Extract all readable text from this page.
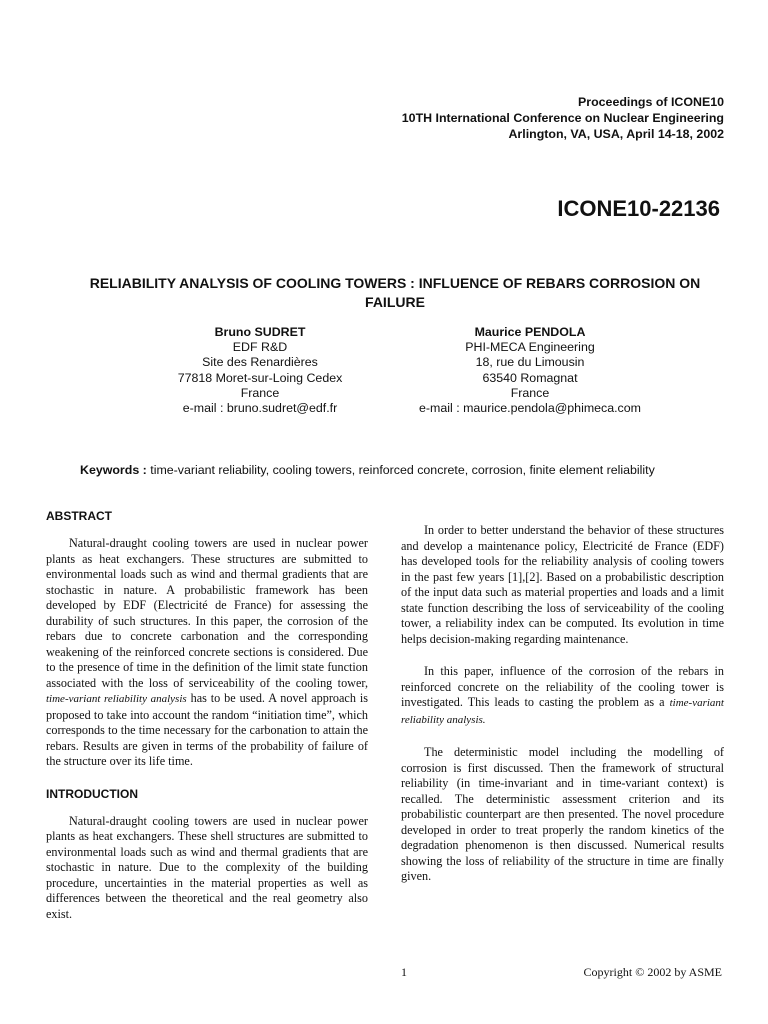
Proceedings of ICONE10
10TH International Conference on Nuclear Engineering
Arlington, VA, USA, April 14-18, 2002
ICONE10-22136
RELIABILITY ANALYSIS OF COOLING TOWERS : INFLUENCE OF REBARS CORROSION ON FAILURE
Bruno SUDRET
EDF R&D
Site des Renardières
77818 Moret-sur-Loing Cedex
France
e-mail : bruno.sudret@edf.fr
Maurice PENDOLA
PHI-MECA Engineering
18, rue du Limousin
63540 Romagnat
France
e-mail : maurice.pendola@phimeca.com
Keywords : time-variant reliability, cooling towers, reinforced concrete, corrosion, finite element reliability
ABSTRACT

Natural-draught cooling towers are used in nuclear power plants as heat exchangers. These structures are submitted to environmental loads such as wind and thermal gradients that are stochastic in nature. A probabilistic framework has been developed by EDF (Electricité de France) for assessing the durability of such structures. In this paper, the corrosion of the rebars due to concrete carbonation and the corresponding weakening of the reinforced concrete sections is considered. Due to the presence of time in the definition of the limit state function associated with the loss of serviceability of the cooling tower, time-variant reliability analysis has to be used. A novel approach is proposed to take into account the random “initiation time”, which corresponds to the time necessary for the carbonation to attain the rebars. Results are given in terms of the probability of failure of the structure over its life time.

INTRODUCTION

Natural-draught cooling towers are used in nuclear power plants as heat exchangers. These shell structures are submitted to environmental loads such as wind and thermal gradients that are stochastic in nature. Due to the complexity of the building procedure, uncertainties in the material properties as well as differences between the theoretical and the real geometry also exist.

In order to better understand the behavior of these structures and develop a maintenance policy, Electricité de France (EDF) has developed tools for the reliability analysis of cooling towers in the past few years [1],[2]. Based on a probabilistic description of the input data such as material properties and loads and a limit state function describing the loss of serviceability of the cooling tower, a reliability index can be computed. Its evolution in time helps decision-making regarding maintenance.

In this paper, influence of the corrosion of the rebars in reinforced concrete on the reliability of the cooling tower is investigated. This leads to casting the problem as a time-variant reliability analysis.

The deterministic model including the modelling of corrosion is first discussed. Then the framework of structural reliability (in time-invariant and in time-variant context) is recalled. The deterministic assessment criterion and its probabilistic counterpart are then presented. The novel procedure developed in order to treat properly the random kinetics of the degradation phenomenon is then discussed. Numerical results showing the loss of reliability of the structure in time are finally given.

1	Copyright © 2002 by ASME
